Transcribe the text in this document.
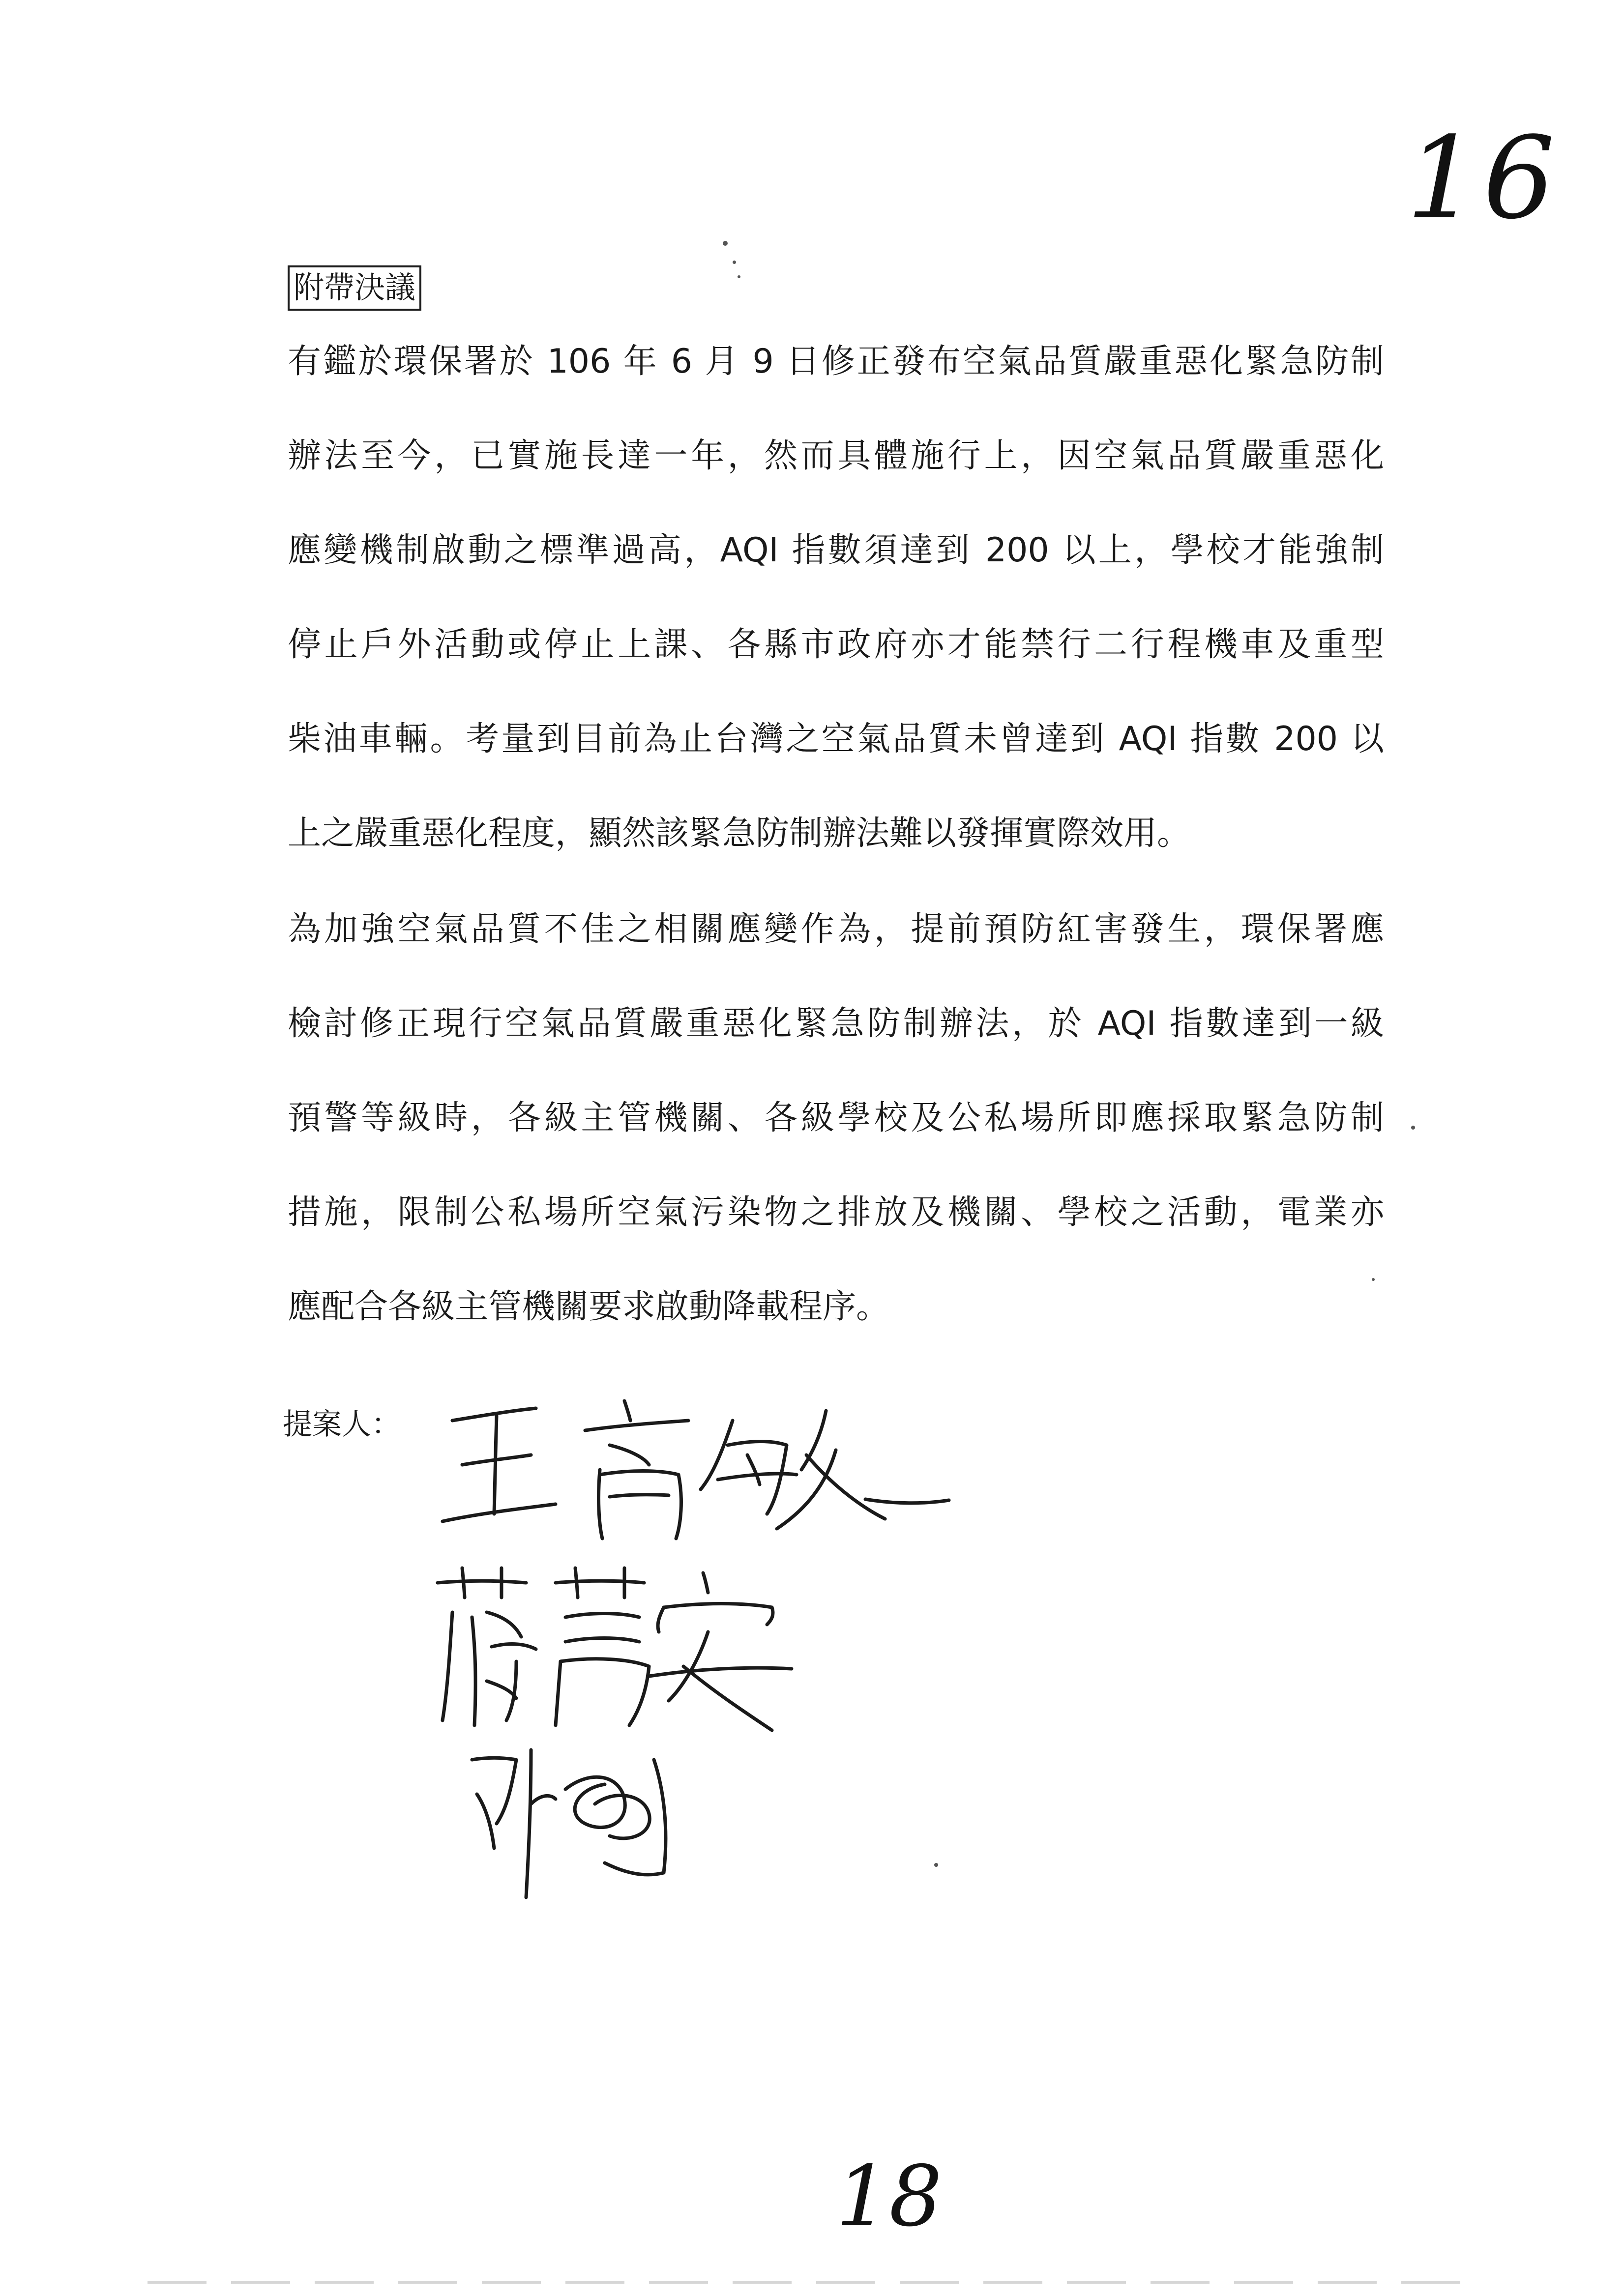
16
附帶決議
有鑑於環保署於 106 年 6 月 9 日修正發布空氣品質嚴重惡化緊急防制
辦法至今，已實施長達一年，然而具體施行上，因空氣品質嚴重惡化
應變機制啟動之標準過高，AQI 指數須達到 200 以上，學校才能強制
停止戶外活動或停止上課、各縣市政府亦才能禁行二行程機車及重型
柴油車輛。考量到目前為止台灣之空氣品質未曾達到 AQI 指數 200 以
上之嚴重惡化程度，顯然該緊急防制辦法難以發揮實際效用。
為加強空氣品質不佳之相關應變作為，提前預防紅害發生，環保署應
檢討修正現行空氣品質嚴重惡化緊急防制辦法，於 AQI 指數達到一級
預警等級時，各級主管機關、各級學校及公私場所即應採取緊急防制
措施，限制公私場所空氣污染物之排放及機關、學校之活動，電業亦
應配合各級主管機關要求啟動降載程序。
提案人：
18
